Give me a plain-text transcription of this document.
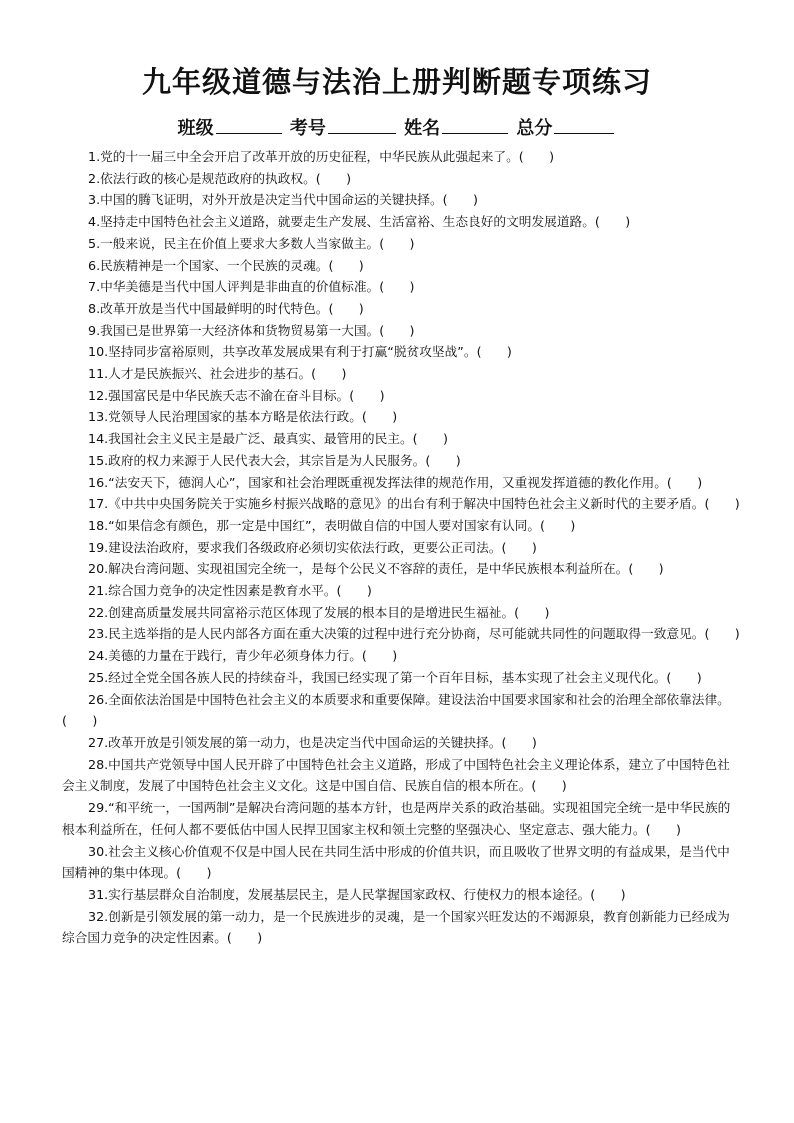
九年级道德与法治上册判断题专项练习
班级	考号	姓名	总分

1.党的十一届三中全会开启了改革开放的历史征程，中华民族从此强起来了。(　　)

2.依法行政的核心是规范政府的执政权。(　　)

3.中国的腾飞证明，对外开放是决定当代中国命运的关键抉择。(　　)

4.坚持走中国特色社会主义道路，就要走生产发展、生活富裕、生态良好的文明发展道路。(　　)

5.一般来说，民主在价值上要求大多数人当家做主。(　　)

6.民族精神是一个国家、一个民族的灵魂。(　　)

7.中华美德是当代中国人评判是非曲直的价值标准。(　　)

8.改革开放是当代中国最鲜明的时代特色。(　　)

9.我国已是世界第一大经济体和货物贸易第一大国。(　　)

10.坚持同步富裕原则，共享改革发展成果有利于打赢“脱贫攻坚战”。(　　)

11.人才是民族振兴、社会进步的基石。(　　)

12.强国富民是中华民族夭志不渝在奋斗目标。(　　)

13.党领导人民治理国家的基本方略是依法行政。(　　)

14.我国社会主义民主是最广泛、最真实、最管用的民主。(　　)

15.政府的权力来源于人民代表大会，其宗旨是为人民服务。(　　)

16.“法安天下，德润人心”，国家和社会治理既重视发挥法律的规范作用，又重视发挥道德的教化作用。(　　)

17.《中共中央国务院关于实施乡村振兴战略的意见》的出台有利于解决中国特色社会主义新时代的主要矛盾。(　　)

18.“如果信念有颜色，那一定是中国红”，表明做自信的中国人要对国家有认同。(　　)

19.建设法治政府，要求我们各级政府必须切实依法行政，更要公正司法。(　　)

20.解决台湾问题、实现祖国完全统一，是每个公民义不容辞的责任，是中华民族根本利益所在。(　　)

21.综合国力竞争的决定性因素是教育水平。(　　)

22.创建高质量发展共同富裕示范区体现了发展的根本目的是增进民生福祉。(　　)

23.民主选举指的是人民内部各方面在重大决策的过程中进行充分协商，尽可能就共同性的问题取得一致意见。(　　)

24.美德的力量在于践行，青少年必须身体力行。(　　)

25.经过全党全国各族人民的持续奋斗，我国已经实现了第一个百年目标，基本实现了社会主义现代化。(　　)

26.全面依法治国是中国特色社会主义的本质要求和重要保障。建设法治中国要求国家和社会的治理全部依靠法律。(　　)

27.改革开放是引领发展的第一动力，也是决定当代中国命运的关键抉择。(　　)

28.中国共产党领导中国人民开辟了中国特色社会主义道路，形成了中国特色社会主义理论体系，建立了中国特色社会主义制度，发展了中国特色社会主义文化。这是中国自信、民族自信的根本所在。(　　)

29.“和平统一，一国两制”是解决台湾问题的基本方针，也是两岸关系的政治基础。实现祖国完全统一是中华民族的根本利益所在，任何人都不要低估中国人民捍卫国家主权和领土完整的坚强决心、坚定意志、强大能力。(　　)

30.社会主义核心价值观不仅是中国人民在共同生活中形成的价值共识，而且吸收了世界文明的有益成果，是当代中国精神的集中体现。(　　)

31.实行基层群众自治制度，发展基层民主，是人民掌握国家政权、行使权力的根本途径。(　　)

32.创新是引领发展的第一动力，是一个民族进步的灵魂，是一个国家兴旺发达的不竭源泉，教育创新能力已经成为综合国力竞争的决定性因素。(　　)
